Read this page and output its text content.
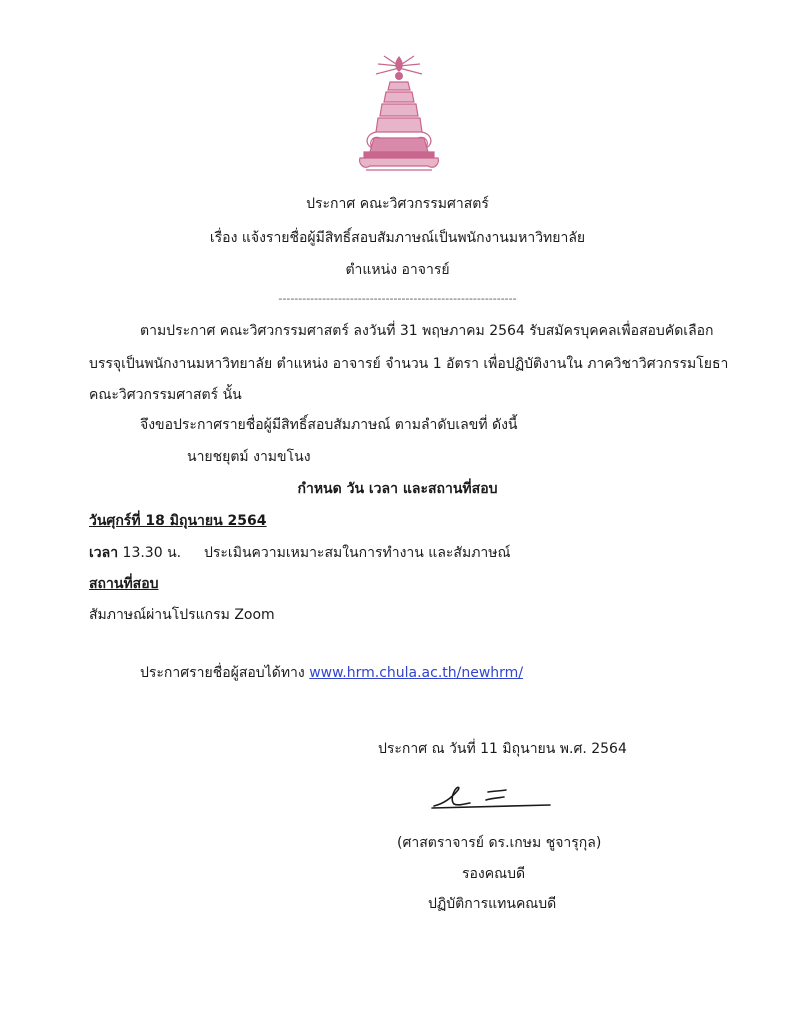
ประกาศ คณะวิศวกรรมศาสตร์
เรื่อง แจ้งรายชื่อผู้มีสิทธิ์สอบสัมภาษณ์เป็นพนักงานมหาวิทยาลัย
ตำแหน่ง อาจารย์
------------------------------------------------------------
ตามประกาศ คณะวิศวกรรมศาสตร์ ลงวันที่ 31 พฤษภาคม 2564 รับสมัครบุคคลเพื่อสอบคัดเลือก
บรรจุเป็นพนักงานมหาวิทยาลัย ตำแหน่ง อาจารย์ จำนวน 1 อัตรา เพื่อปฏิบัติงานใน ภาควิชาวิศวกรรมโยธา
คณะวิศวกรรมศาสตร์ นั้น
จึงขอประกาศรายชื่อผู้มีสิทธิ์สอบสัมภาษณ์ ตามลำดับเลขที่ ดังนี้
นายชยุตม์ งามขโนง
กำหนด วัน เวลา และสถานที่สอบ
วันศุกร์ที่ 18 มิถุนายน 2564
เวลา 13.30 น. ประเมินความเหมาะสมในการทำงาน และสัมภาษณ์
สถานที่สอบ
สัมภาษณ์ผ่านโปรแกรม Zoom
ประกาศรายชื่อผู้สอบได้ทาง www.hrm.chula.ac.th/newhrm/
ประกาศ ณ วันที่ 11 มิถุนายน พ.ศ. 2564
(ศาสตราจารย์ ดร.เกษม ชูจารุกุล)
รองคณบดี
ปฏิบัติการแทนคณบดี
